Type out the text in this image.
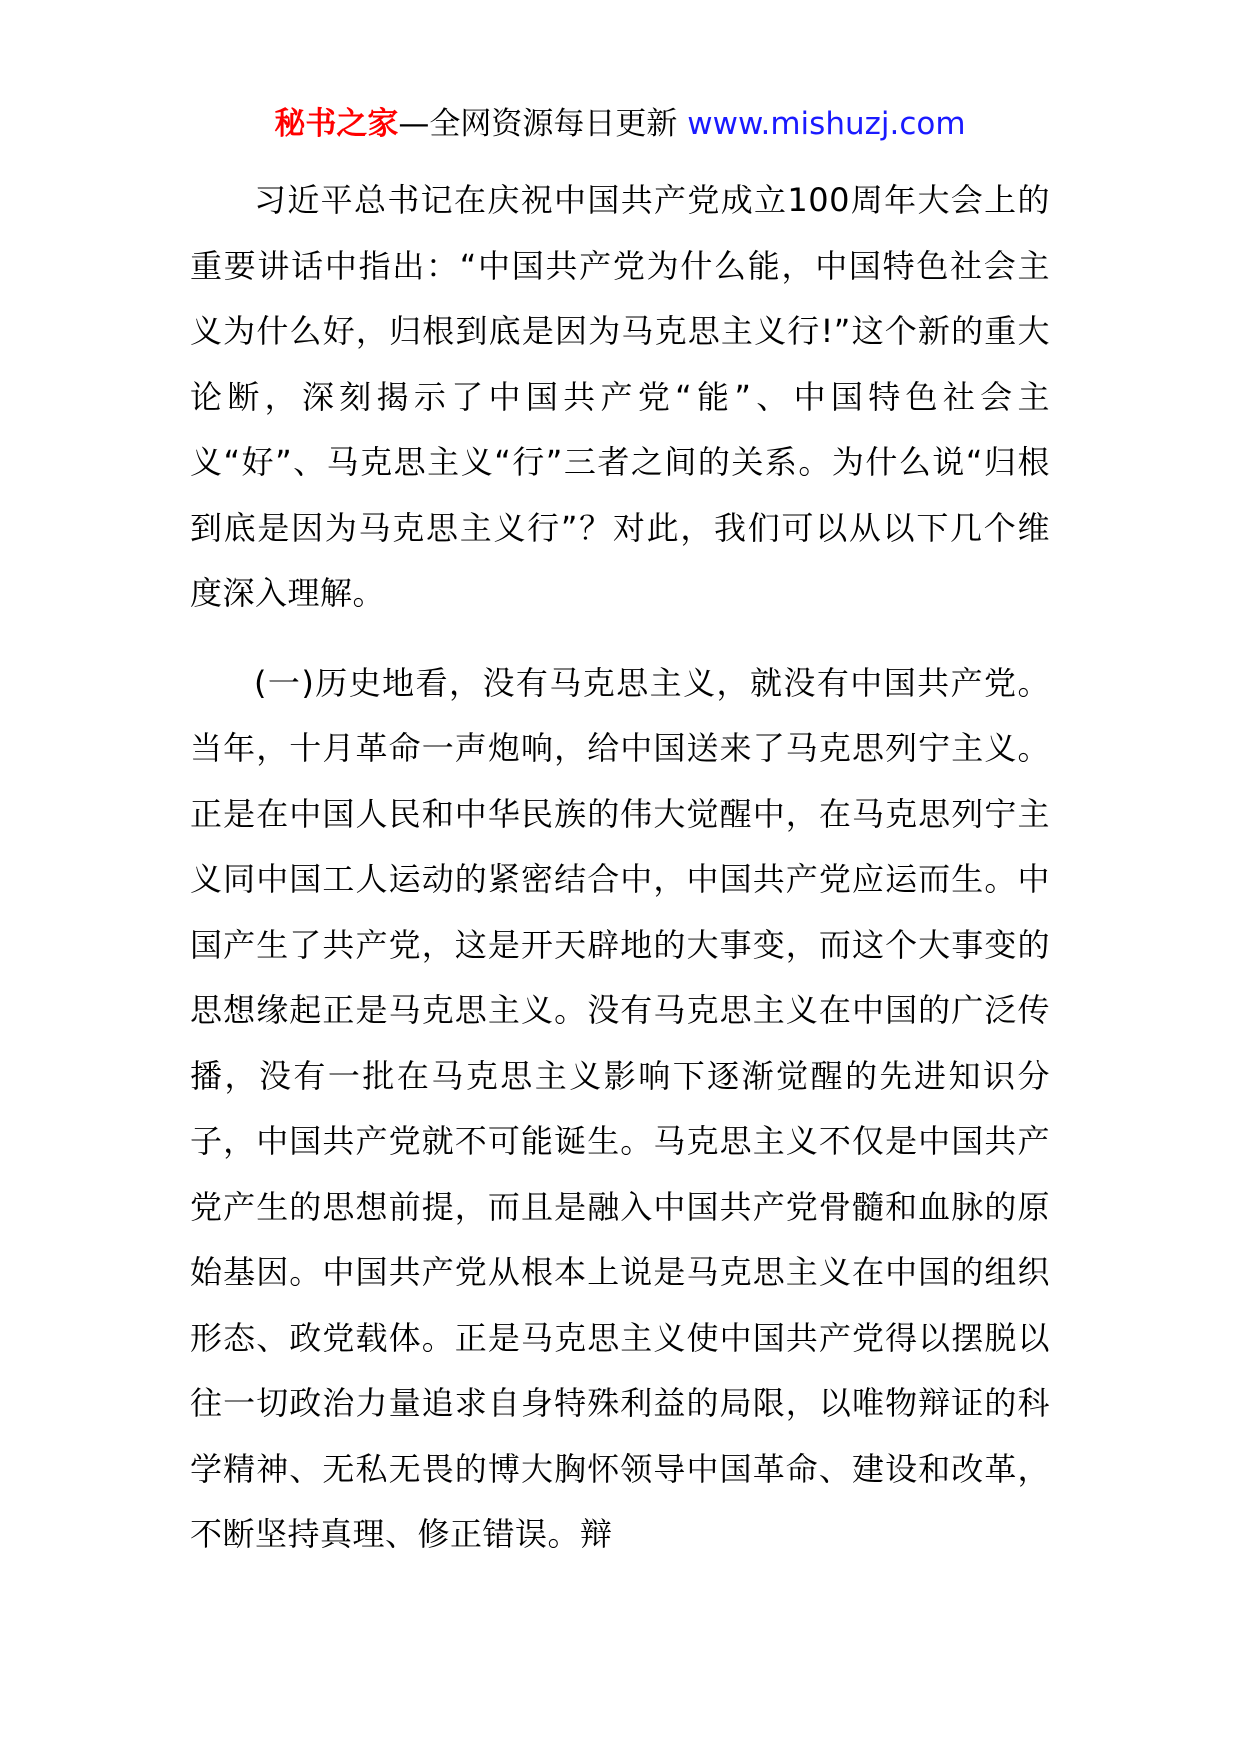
秘书之家—全网资源每日更新 www.mishuzj.com

习近平总书记在庆祝中国共产党成立100周年大会上的重要讲话中指出：“中国共产党为什么能，中国特色社会主义为什么好，归根到底是因为马克思主义行!”这个新的重大论断，深刻揭示了中国共产党“能”、中国特色社会主义“好”、马克思主义“行”三者之间的关系。为什么说“归根到底是因为马克思主义行”？对此，我们可以从以下几个维度深入理解。

(一)历史地看，没有马克思主义，就没有中国共产党。当年，十月革命一声炮响，给中国送来了马克思列宁主义。正是在中国人民和中华民族的伟大觉醒中，在马克思列宁主义同中国工人运动的紧密结合中，中国共产党应运而生。中国产生了共产党，这是开天辟地的大事变，而这个大事变的思想缘起正是马克思主义。没有马克思主义在中国的广泛传播，没有一批在马克思主义影响下逐渐觉醒的先进知识分子，中国共产党就不可能诞生。马克思主义不仅是中国共产党产生的思想前提，而且是融入中国共产党骨髓和血脉的原始基因。中国共产党从根本上说是马克思主义在中国的组织形态、政党载体。正是马克思主义使中国共产党得以摆脱以往一切政治力量追求自身特殊利益的局限，以唯物辩证的科学精神、无私无畏的博大胸怀领导中国革命、建设和改革，不断坚持真理、修正错误。辩
